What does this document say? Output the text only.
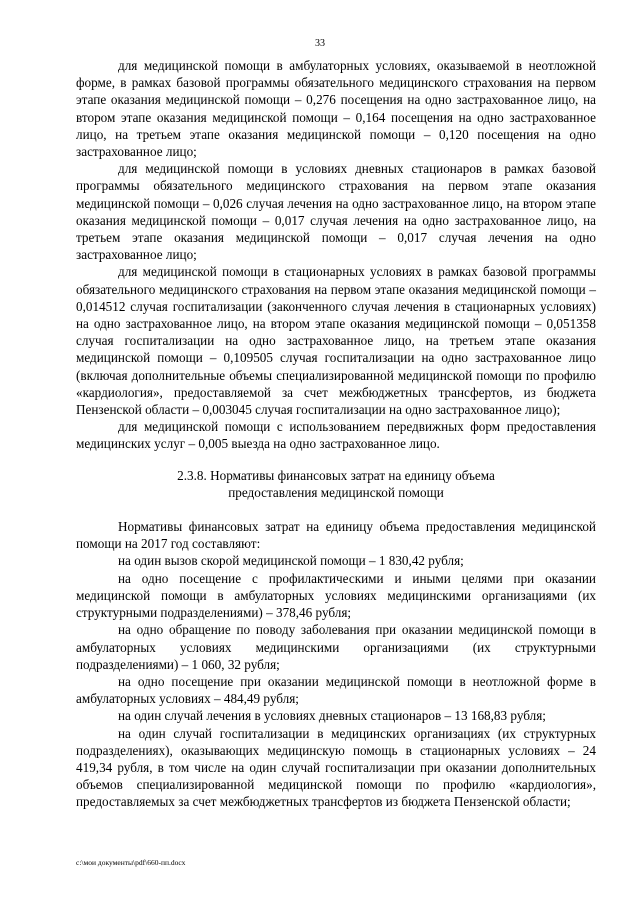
33

для медицинской помощи в амбулаторных условиях, оказываемой в неотложной форме, в рамках базовой программы обязательного медицинского страхования на первом этапе оказания медицинской помощи – 0,276 посещения на одно застрахованное лицо, на втором этапе оказания медицинской помощи – 0,164 посещения на одно застрахованное лицо, на третьем этапе оказания медицинской помощи – 0,120 посещения на одно застрахованное лицо;

для медицинской помощи в условиях дневных стационаров в рамках базовой программы обязательного медицинского страхования на первом этапе оказания медицинской помощи – 0,026 случая лечения на одно застрахованное лицо, на втором этапе оказания медицинской помощи – 0,017 случая лечения на одно застрахованное лицо, на третьем этапе оказания медицинской помощи – 0,017 случая лечения на одно застрахованное лицо;

для медицинской помощи в стационарных условиях в рамках базовой программы обязательного медицинского страхования на первом этапе оказания медицинской помощи – 0,014512 случая госпитализации (законченного случая лечения в стационарных условиях) на одно застрахованное лицо, на втором этапе оказания медицинской помощи – 0,051358 случая госпитализации на одно застрахованное лицо, на третьем этапе оказания медицинской помощи – 0,109505 случая госпитализации на одно застрахованное лицо (включая дополнительные объемы специализированной медицинской помощи по профилю «кардиология», предоставляемой за счет межбюджетных трансфертов, из бюджета Пензенской области – 0,003045 случая госпитализации на одно застрахованное лицо);

для медицинской помощи с использованием передвижных форм предоставления медицинских услуг – 0,005 выезда на одно застрахованное лицо.

2.3.8. Нормативы финансовых затрат на единицу объема
предоставления медицинской помощи

Нормативы финансовых затрат на единицу объема предоставления медицинской помощи на 2017 год составляют:

на один вызов скорой медицинской помощи – 1 830,42 рубля;

на одно посещение с профилактическими и иными целями при оказании медицинской помощи в амбулаторных условиях медицинскими организациями (их структурными подразделениями) – 378,46 рубля;

на одно обращение по поводу заболевания при оказании медицинской помощи в амбулаторных условиях медицинскими организациями (их структурными подразделениями) – 1 060, 32 рубля;

на одно посещение при оказании медицинской помощи в неотложной форме в амбулаторных условиях – 484,49 рубля;

на один случай лечения в условиях дневных стационаров – 13 168,83 рубля;

на один случай госпитализации в медицинских организациях (их структурных подразделениях), оказывающих медицинскую помощь в стационарных условиях – 24 419,34 рубля, в том числе на один случай госпитализации при оказании дополнительных объемов специализированной медицинской помощи по профилю «кардиология», предоставляемых за счет межбюджетных трансфертов из бюджета Пензенской области;

c:\мои документы\pdf\660-пп.docx
